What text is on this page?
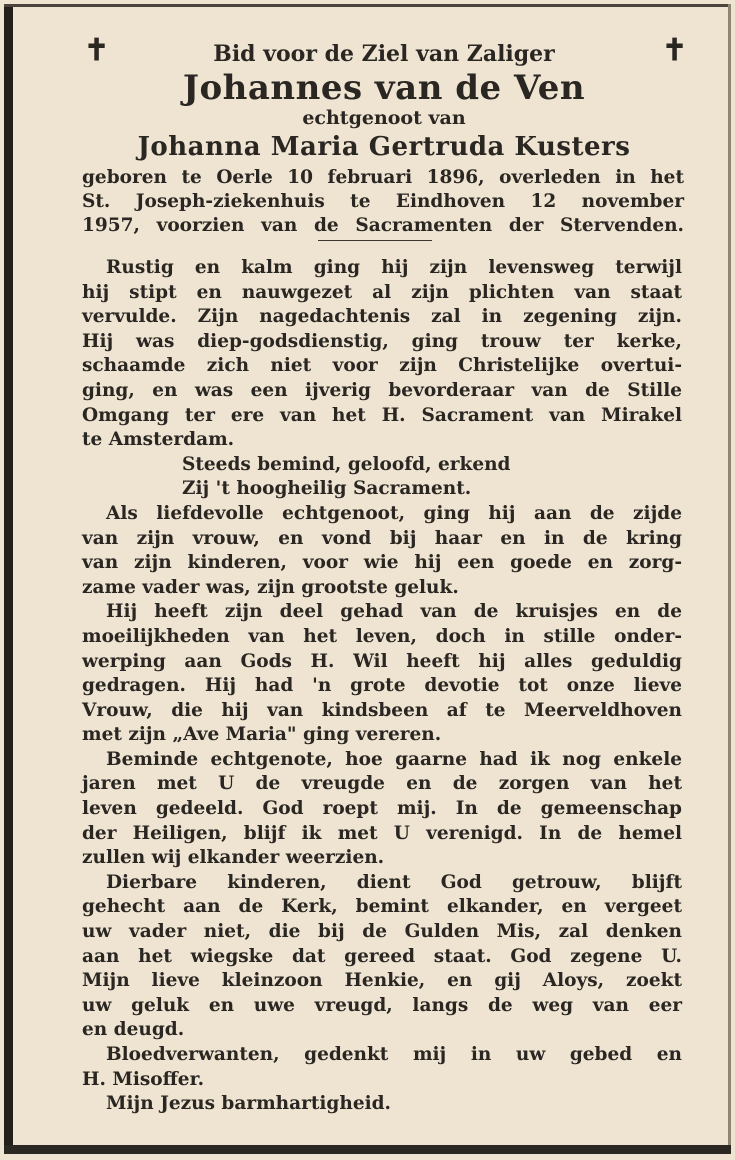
✝	✝
Bid voor de Ziel van Zaliger
Johannes van de Ven
echtgenoot van
Johanna Maria Gertruda Kusters
geboren te Oerle 10 februari 1896, overleden in het
St. Joseph-ziekenhuis te Eindhoven 12 november
1957, voorzien van de Sacramenten der Stervenden.
Rustig en kalm ging hij zijn levensweg terwijl
hij stipt en nauwgezet al zijn plichten van staat
vervulde. Zijn nagedachtenis zal in zegening zijn.
Hij was diep-godsdienstig, ging trouw ter kerke,
schaamde zich niet voor zijn Christelijke overtui-
ging, en was een ijverig bevorderaar van de Stille
Omgang ter ere van het H. Sacrament van Mirakel
te Amsterdam.
Steeds bemind, geloofd, erkend
Zij 't hoogheilig Sacrament.
Als liefdevolle echtgenoot, ging hij aan de zijde
van zijn vrouw, en vond bij haar en in de kring
van zijn kinderen, voor wie hij een goede en zorg-
zame vader was, zijn grootste geluk.
Hij heeft zijn deel gehad van de kruisjes en de
moeilijkheden van het leven, doch in stille onder-
werping aan Gods H. Wil heeft hij alles geduldig
gedragen. Hij had 'n grote devotie tot onze lieve
Vrouw, die hij van kindsbeen af te Meerveldhoven
met zijn „Ave Maria" ging vereren.
Beminde echtgenote, hoe gaarne had ik nog enkele
jaren met U de vreugde en de zorgen van het
leven gedeeld. God roept mij. In de gemeenschap
der Heiligen, blijf ik met U verenigd. In de hemel
zullen wij elkander weerzien.
Dierbare kinderen, dient God getrouw, blijft
gehecht aan de Kerk, bemint elkander, en vergeet
uw vader niet, die bij de Gulden Mis, zal denken
aan het wiegske dat gereed staat. God zegene U.
Mijn lieve kleinzoon Henkie, en gij Aloys, zoekt
uw geluk en uwe vreugd, langs de weg van eer
en deugd.
Bloedverwanten, gedenkt mij in uw gebed en
H. Misoffer.
Mijn Jezus barmhartigheid.
